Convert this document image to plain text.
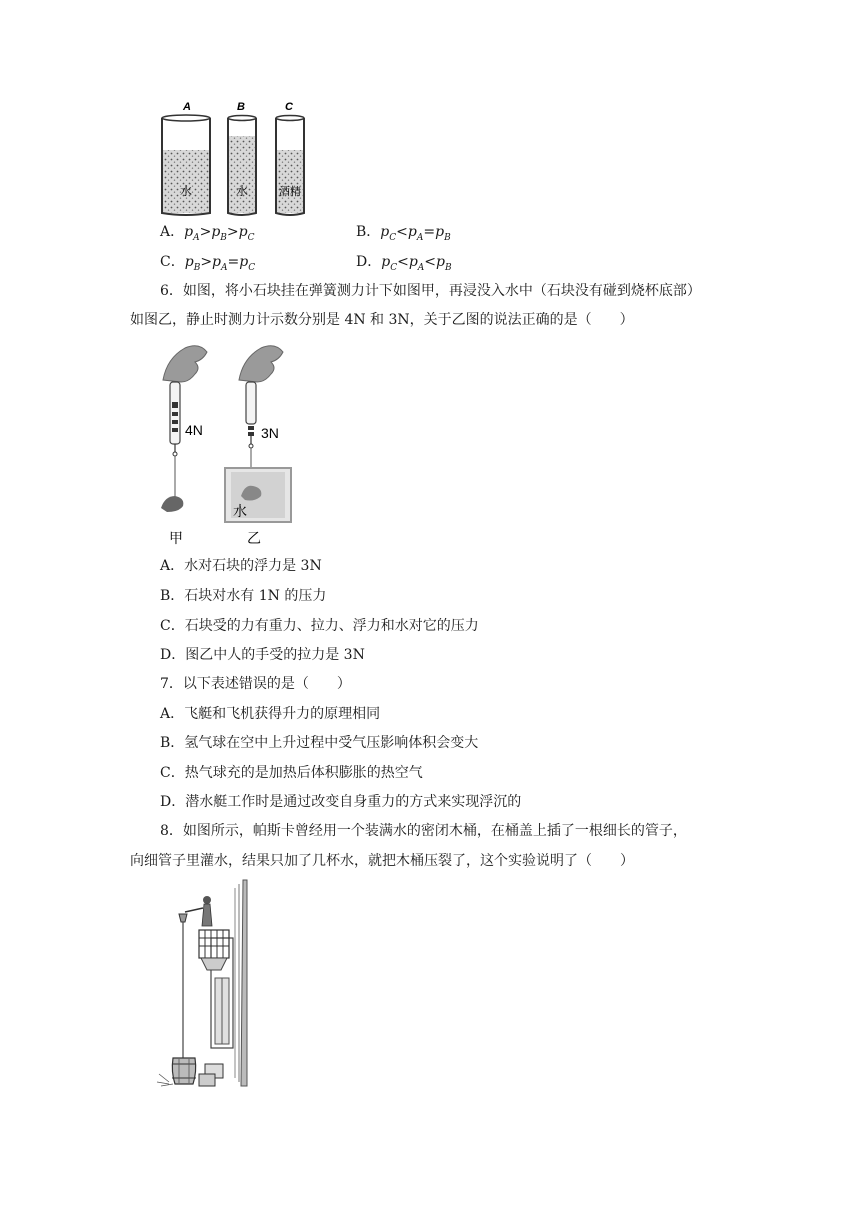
A	B	C
水	水	酒精
A．$p_A>p_B>p_C$	B．$p_C<p_A=p_B$
C．$p_B>p_A=p_C$	D．$p_C<p_A<p_B$
6．如图，将小石块挂在弹簧测力计下如图甲，再浸没入水中（石块没有碰到烧杯底部）
如图乙，静止时测力计示数分别是 4N 和 3N，关于乙图的说法正确的是（　　）
4N
甲
3N
水
乙
A．水对石块的浮力是 3N
B．石块对水有 1N 的压力
C．石块受的力有重力、拉力、浮力和水对它的压力
D．图乙中人的手受的拉力是 3N
7．以下表述错误的是（　　）
A．飞艇和飞机获得升力的原理相同
B．氢气球在空中上升过程中受气压影响体积会变大
C．热气球充的是加热后体积膨胀的热空气
D．潜水艇工作时是通过改变自身重力的方式来实现浮沉的
8．如图所示，帕斯卡曾经用一个装满水的密闭木桶，在桶盖上插了一根细长的管子，
向细管子里灌水，结果只加了几杯水，就把木桶压裂了，这个实验说明了（　　）
